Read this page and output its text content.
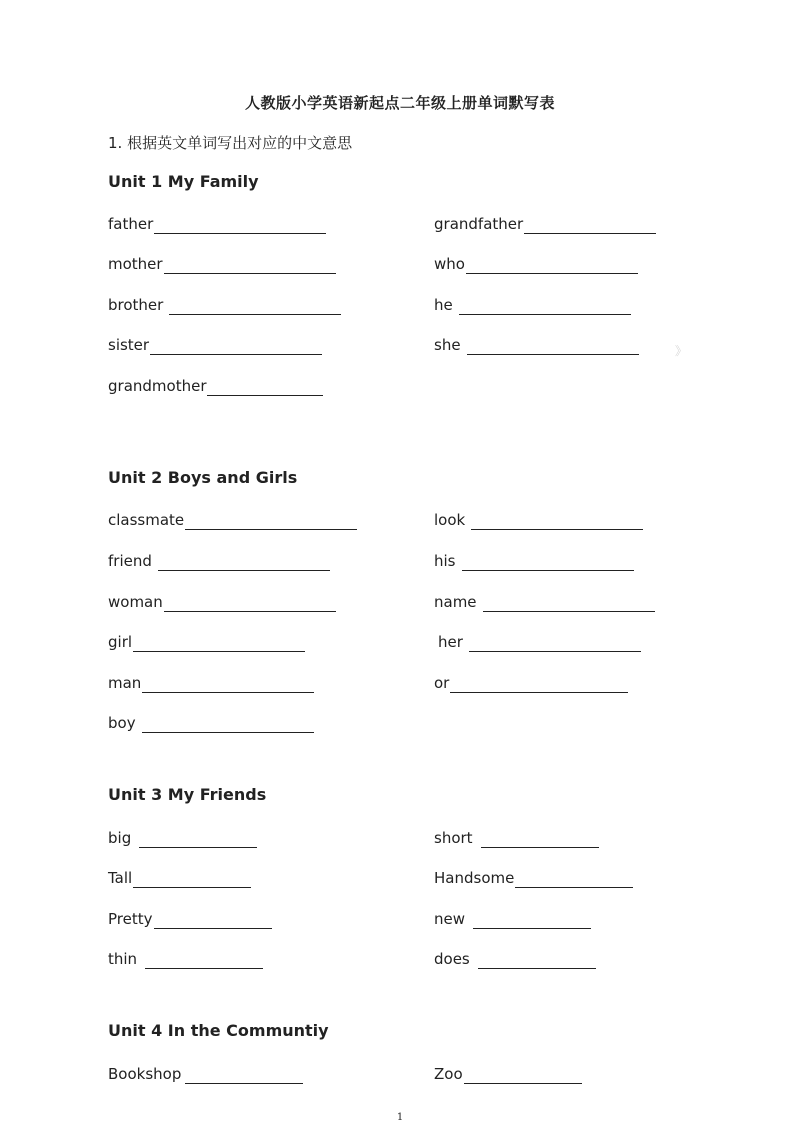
人教版小学英语新起点二年级上册单词默写表
1. 根据英文单词写出对应的中文意思
Unit 1 My Family
father	grandfather
mother	who
brother	he
sister	she
grandmother
Unit 2 Boys and Girls
classmate	look
friend	his
woman	name
girl	her
man	or
boy
Unit 3 My Friends
big	short
Tall	Handsome
Pretty	new
thin	does
Unit 4 In the Communtiy
Bookshop	Zoo
》
1
